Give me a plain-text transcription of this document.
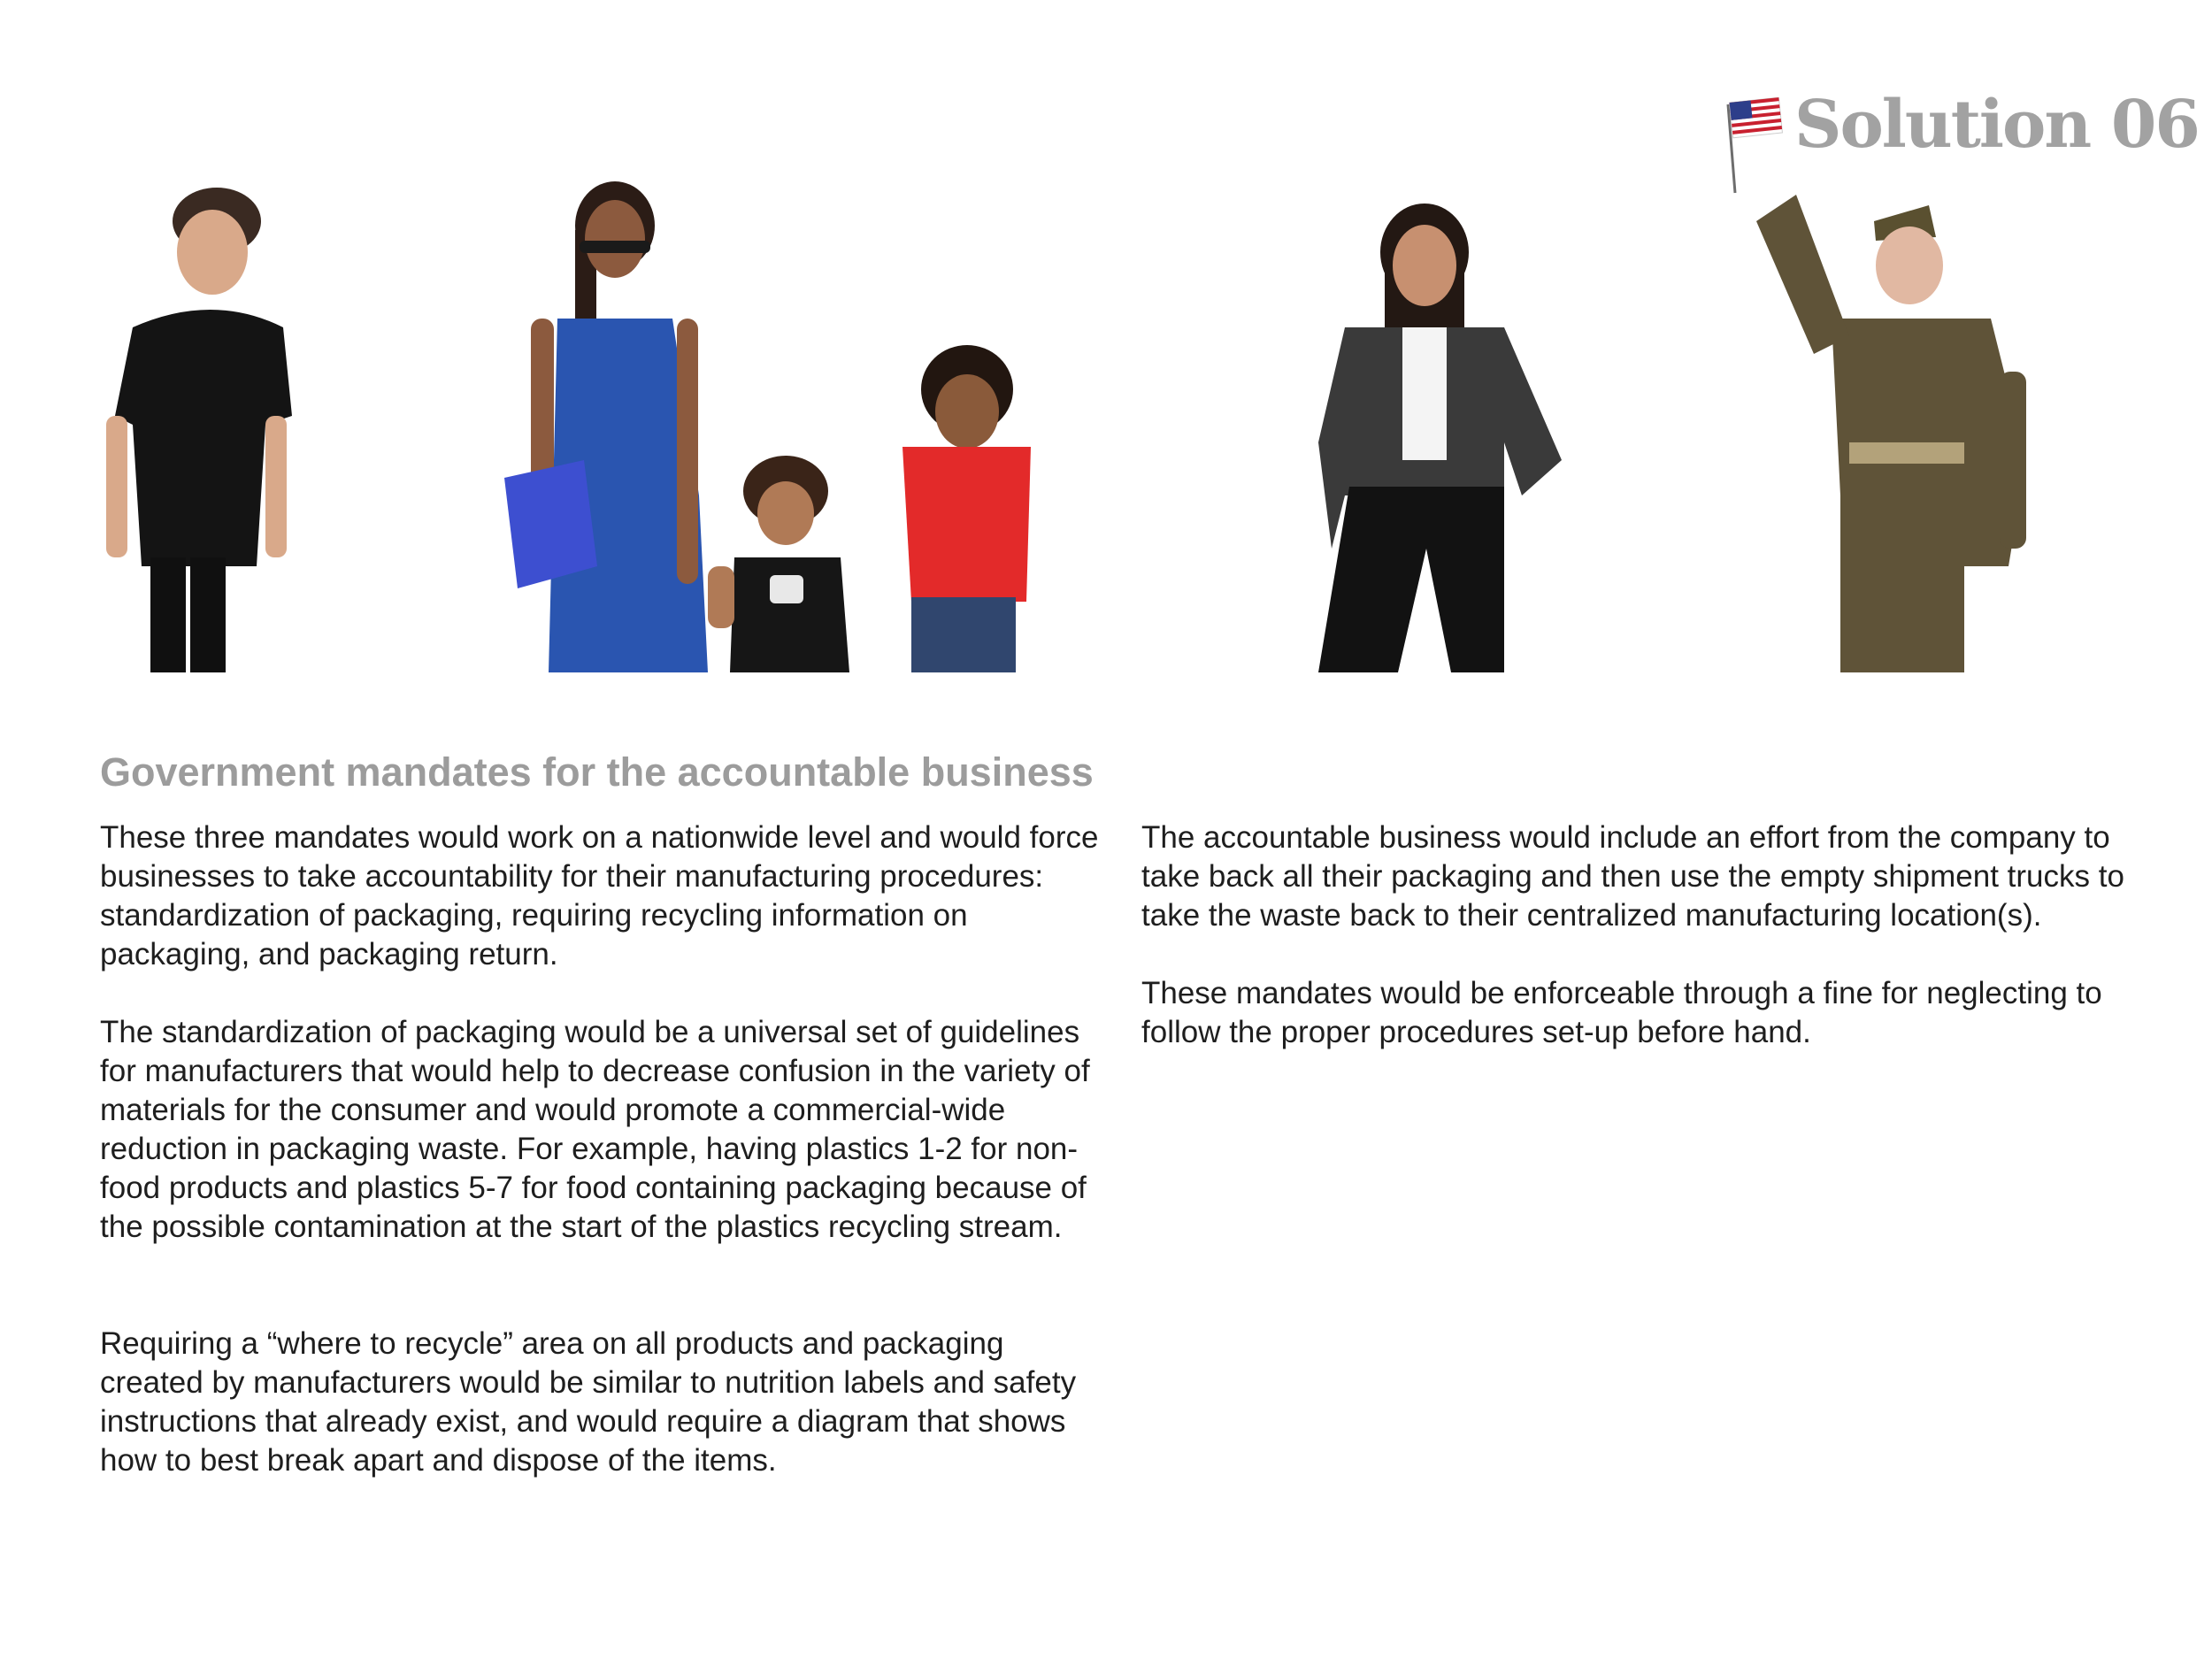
Solution 06
Government mandates for the accountable business

These three mandates would work on a nationwide level and would force businesses to take accountability for their manufacturing procedures: standardization of packaging, requiring recycling information on packaging, and packaging return.

The standardization of packaging would be a universal set of guidelines for manufacturers that would help to decrease confusion in the variety of materials for the consumer and would promote a commercial-wide reduction in packaging waste. For example, having plastics 1-2 for non-food products and plastics 5-7 for food containing packaging because of the possible contamination at the start of the plastics recycling stream.

Requiring a “where to recycle” area on all products and packaging created by manufacturers would be similar to nutrition labels and safety instructions that already exist, and would require a diagram that shows how to best break apart and dispose of the items.

The accountable business would include an effort from the company to take back all their packaging and then use the empty shipment trucks to take the waste back to their centralized manufacturing location(s).

These mandates would be enforceable through a fine for neglecting to follow the proper procedures set-up before hand.
